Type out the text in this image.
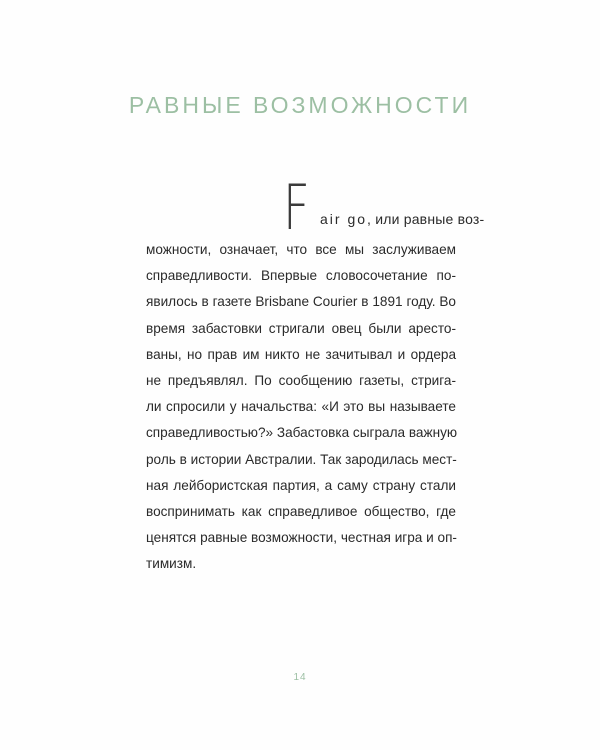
РАВНЫЕ ВОЗМОЖНОСТИ
F air go, или равные воз-
можности, означает, что все мы заслуживаем
справедливости. Впервые словосочетание по-
явилось в газете Brisbane Courier в 1891 году. Во
время забастовки стригали овец были аресто-
ваны, но прав им никто не зачитывал и ордера
не предъявлял. По сообщению газеты, стрига-
ли спросили у начальства: «И это вы называете
справедливостью?» Забастовка сыграла важную
роль в истории Австралии. Так зародилась мест-
ная лейбористская партия, а саму страну стали
воспринимать как справедливое общество, где
ценятся равные возможности, честная игра и оп-
тимизм.
14
